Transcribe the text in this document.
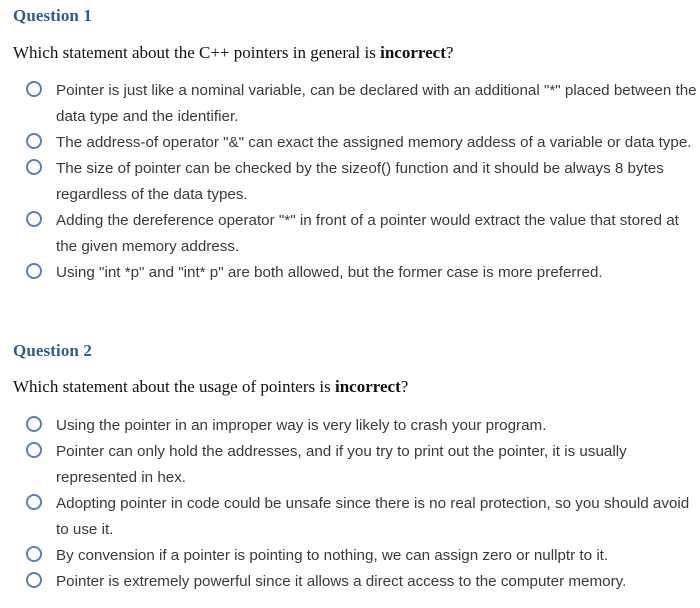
Question 1
Which statement about the C++ pointers in general is incorrect?
Pointer is just like a nominal variable, can be declared with an additional "*" placed between the data type and the identifier.
The address-of operator "&" can exact the assigned memory addess of a variable or data type.
The size of pointer can be checked by the sizeof() function and it should be always 8 bytes regardless of the data types.
Adding the dereference operator "*" in front of a pointer would extract the value that stored at the given memory address.
Using "int *p" and "int* p" are both allowed, but the former case is more preferred.
Question 2
Which statement about the usage of pointers is incorrect?
Using the pointer in an improper way is very likely to crash your program.
Pointer can only hold the addresses, and if you try to print out the pointer, it is usually represented in hex.
Adopting pointer in code could be unsafe since there is no real protection, so you should avoid to use it.
By convension if a pointer is pointing to nothing, we can assign zero or nullptr to it.
Pointer is extremely powerful since it allows a direct access to the computer memory.
